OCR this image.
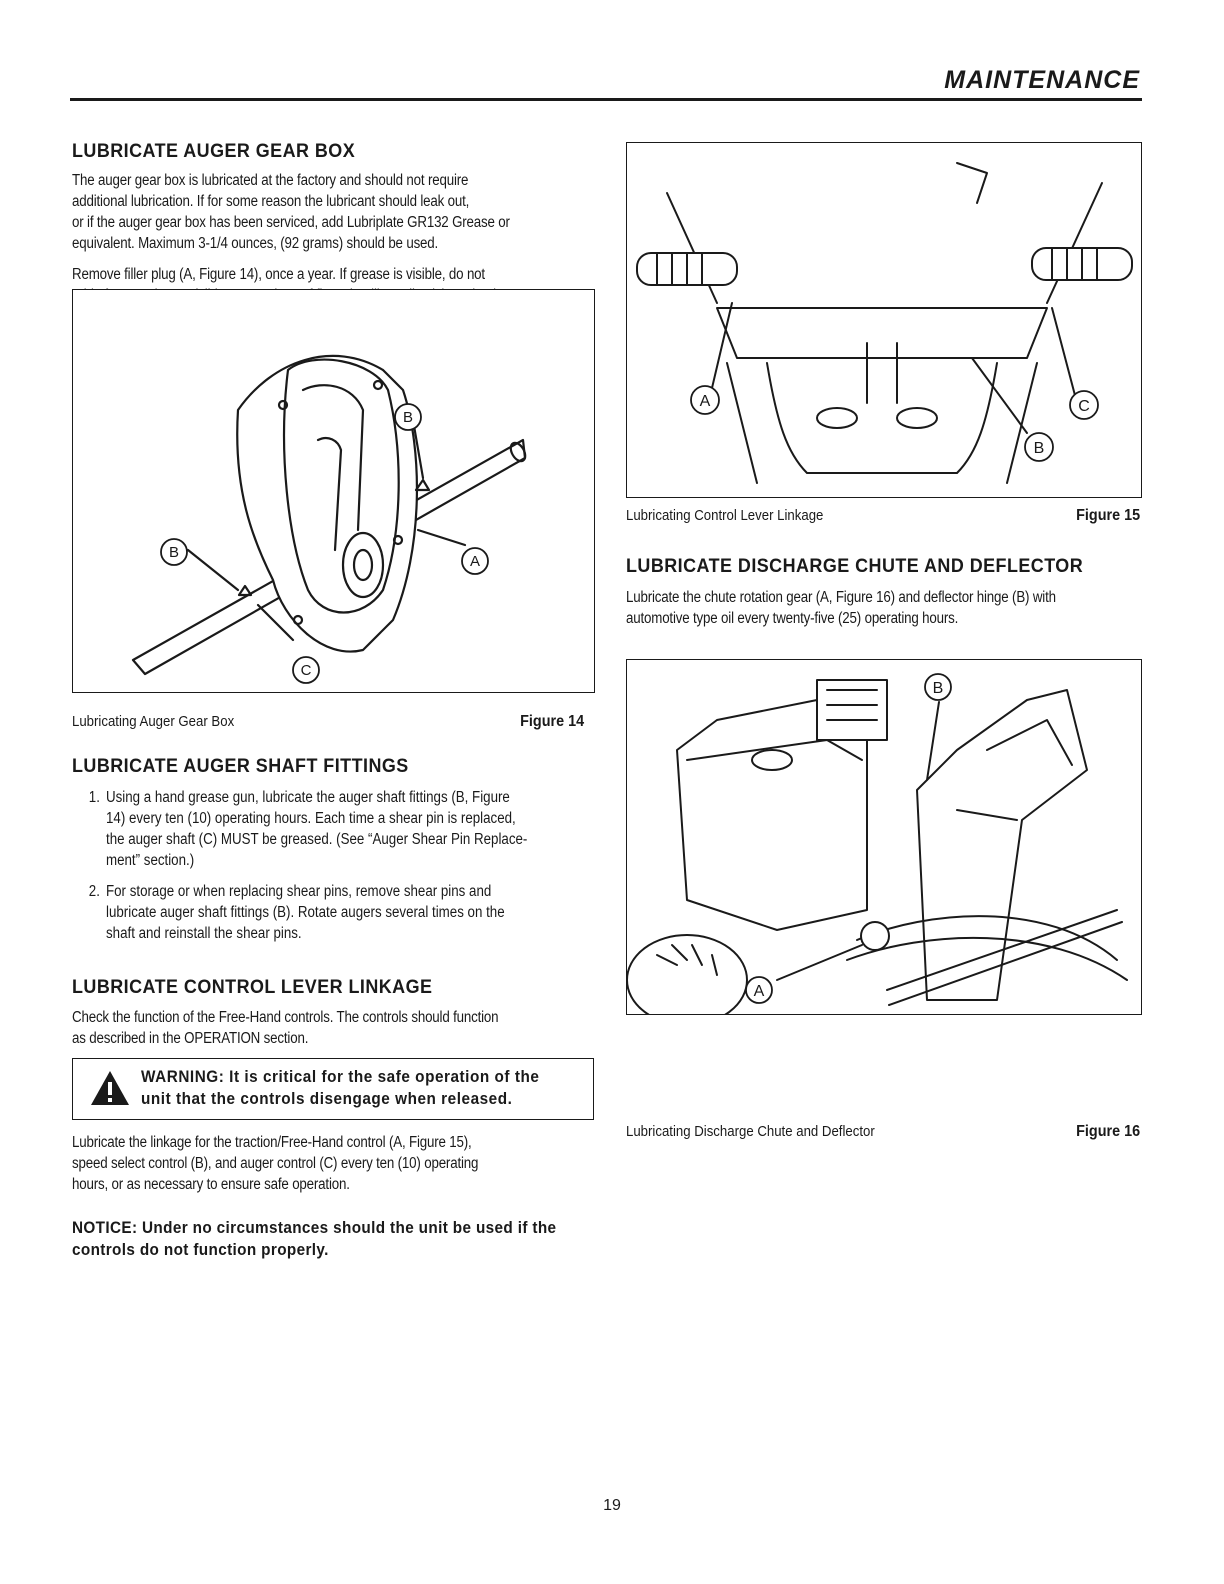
MAINTENANCE
LUBRICATE AUGER GEAR BOX
The auger gear box is lubricated at the factory and should not require
additional lubrication. If for some reason the lubricant should leak out,
or if the auger gear box has been serviced, add Lubriplate GR132 Grease or
equivalent. Maximum 3-1/4 ounces, (92 grams) should be used.
Remove filler plug (A, Figure 14), once a year. If grease is visible, do not
B
A
B
C
Lubricating Auger Gear Box	Figure 14
LUBRICATE AUGER SHAFT FITTINGS
1. Using a hand grease gun, lubricate the auger shaft fittings (B, Figure
14) every ten (10) operating hours. Each time a shear pin is replaced,
the auger shaft (C) MUST be greased. (See “Auger Shear Pin Replace-
ment” section.)
2. For storage or when replacing shear pins, remove shear pins and
lubricate auger shaft fittings (B). Rotate augers several times on the
shaft and reinstall the shear pins.
LUBRICATE CONTROL LEVER LINKAGE
Check the function of the Free-Hand controls. The controls should function
as described in the OPERATION section.
WARNING: It is critical for the safe operation of the
unit that the controls disengage when released.
Lubricate the linkage for the traction/Free-Hand control (A, Figure 15),
speed select control (B), and auger control (C) every ten (10) operating
hours, or as necessary to ensure safe operation.
NOTICE: Under no circumstances should the unit be used if the
controls do not function properly.
A
B
C
Lubricating Control Lever Linkage	Figure 15
LUBRICATE DISCHARGE CHUTE AND DEFLECTOR
Lubricate the chute rotation gear (A, Figure 16) and deflector hinge (B) with
automotive type oil every twenty-five (25) operating hours.
A
B
Lubricating Discharge Chute and Deflector	Figure 16
19
